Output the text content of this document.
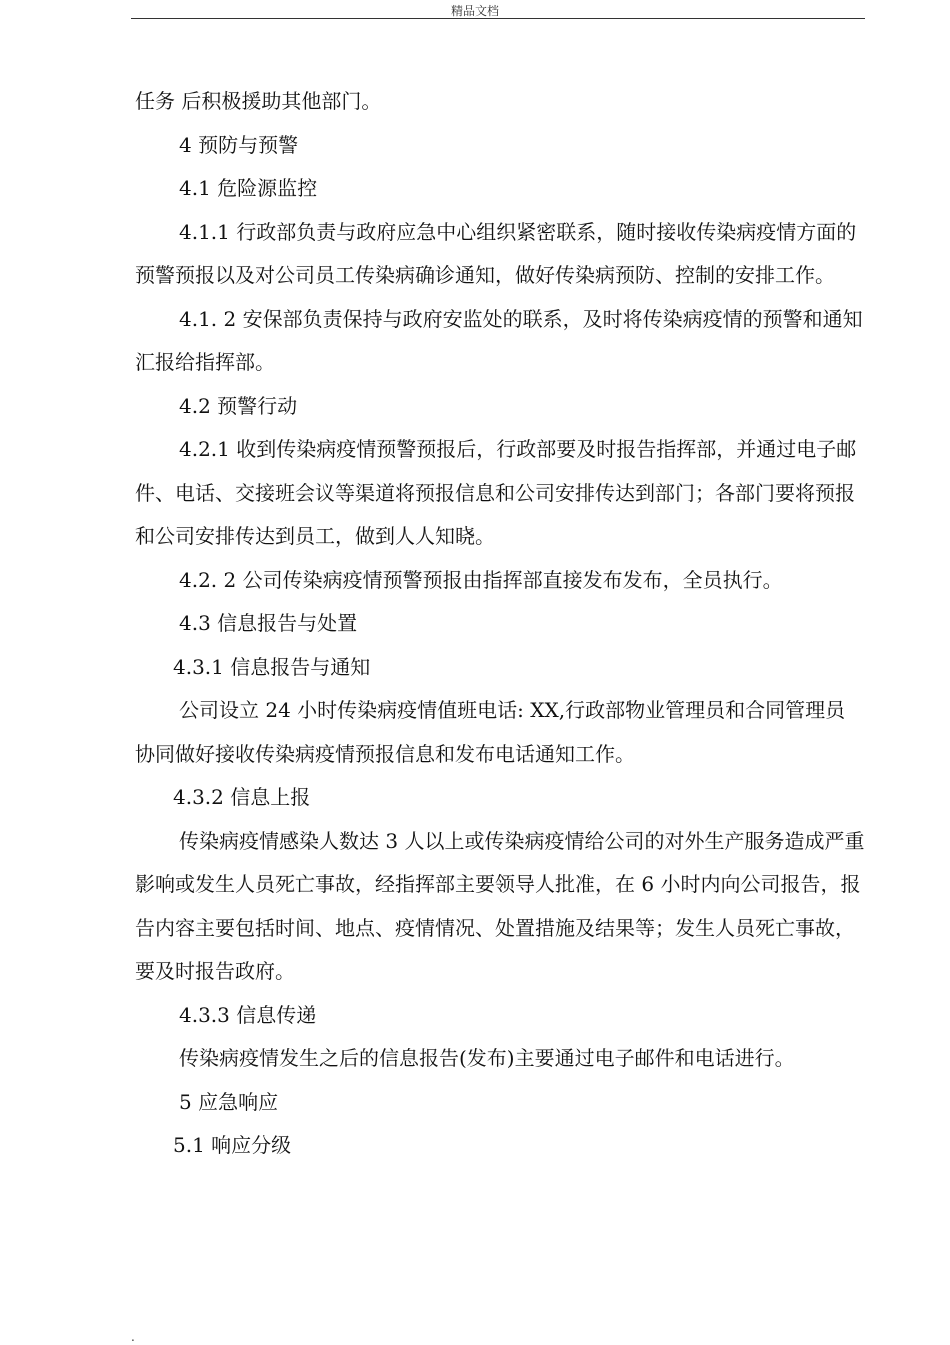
精品文档

任务 后积极援助其他部门。

4 预防与预警

4.1 危险源监控

4.1.1 行政部负责与政府应急中心组织紧密联系，随时接收传染病疫情方面的预警预报以及对公司员工传染病确诊通知，做好传染病预防、控制的安排工作。

4.1. 2 安保部负责保持与政府安监处的联系，及时将传染病疫情的预警和通知汇报给指挥部。

4.2 预警行动

4.2.1 收到传染病疫情预警预报后，行政部要及时报告指挥部，并通过电子邮件、电话、交接班会议等渠道将预报信息和公司安排传达到部门；各部门要将预报和公司安排传达到员工，做到人人知晓。

4.2. 2 公司传染病疫情预警预报由指挥部直接发布发布，全员执行。

4.3 信息报告与处置

4.3.1 信息报告与通知

公司设立 24 小时传染病疫情值班电话: XX,行政部物业管理员和合同管理员协同做好接收传染病疫情预报信息和发布电话通知工作。

4.3.2 信息上报

传染病疫情感染人数达 3 人以上或传染病疫情给公司的对外生产服务造成严重影响或发生人员死亡事故，经指挥部主要领导人批准，在 6 小时内向公司报告，报告内容主要包括时间、地点、疫情情况、处置措施及结果等；发生人员死亡事故，要及时报告政府。

4.3.3 信息传递

传染病疫情发生之后的信息报告(发布)主要通过电子邮件和电话进行。

5 应急响应

5.1 响应分级

.
